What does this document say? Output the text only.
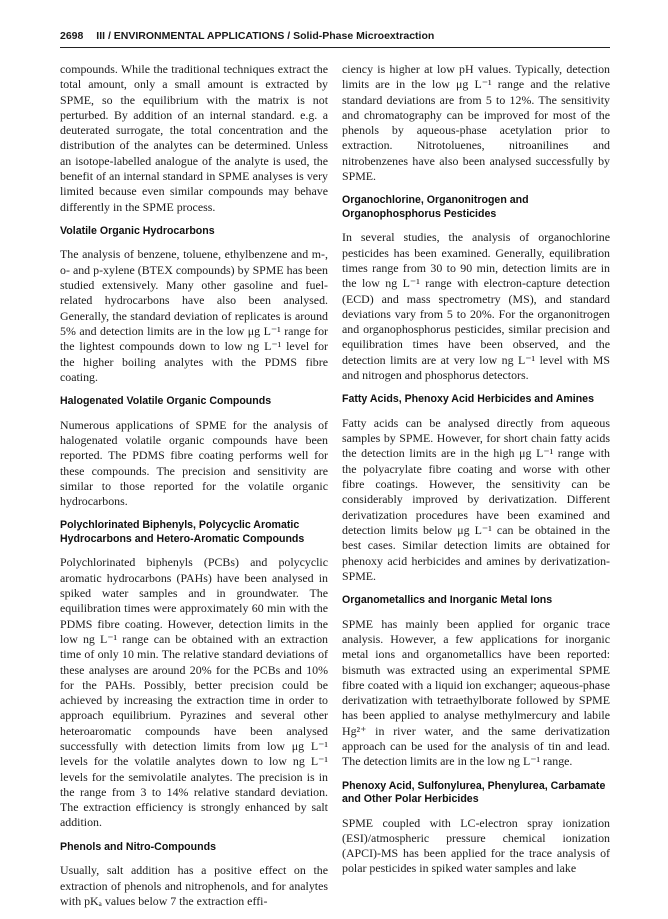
2698 III / ENVIRONMENTAL APPLICATIONS / Solid-Phase Microextraction

compounds. While the traditional techniques extract the total amount, only a small amount is extracted by SPME, so the equilibrium with the matrix is not perturbed. By addition of an internal standard. e.g. a deuterated surrogate, the total concentration and the distribution of the analytes can be determined. Unless an isotope-labelled analogue of the analyte is used, the benefit of an internal standard in SPME analyses is very limited because even similar compounds may behave differently in the SPME process.

Volatile Organic Hydrocarbons

The analysis of benzene, toluene, ethylbenzene and m-, o- and p-xylene (BTEX compounds) by SPME has been studied extensively. Many other gasoline and fuel-related hydrocarbons have also been analysed. Generally, the standard deviation of replicates is around 5% and detection limits are in the low μg L⁻¹ range for the lightest compounds down to low ng L⁻¹ level for the higher boiling analytes with the PDMS fibre coating.

Halogenated Volatile Organic Compounds

Numerous applications of SPME for the analysis of halogenated volatile organic compounds have been reported. The PDMS fibre coating performs well for these compounds. The precision and sensitivity are similar to those reported for the volatile organic hydrocarbons.

Polychlorinated Biphenyls, Polycyclic Aromatic Hydrocarbons and Hetero-Aromatic Compounds

Polychlorinated biphenyls (PCBs) and polycyclic aromatic hydrocarbons (PAHs) have been analysed in spiked water samples and in groundwater. The equilibration times were approximately 60 min with the PDMS fibre coating. However, detection limits in the low ng L⁻¹ range can be obtained with an extraction time of only 10 min. The relative standard deviations of these analyses are around 20% for the PCBs and 10% for the PAHs. Possibly, better precision could be achieved by increasing the extraction time in order to approach equilibrium. Pyrazines and several other heteroaromatic compounds have been analysed successfully with detection limits from low μg L⁻¹ levels for the volatile analytes down to low ng L⁻¹ levels for the semivolatile analytes. The precision is in the range from 3 to 14% relative standard deviation. The extraction efficiency is strongly enhanced by salt addition.

Phenols and Nitro-Compounds

Usually, salt addition has a positive effect on the extraction of phenols and nitrophenols, and for analytes with pKₐ values below 7 the extraction effi-

ciency is higher at low pH values. Typically, detection limits are in the low μg L⁻¹ range and the relative standard deviations are from 5 to 12%. The sensitivity and chromatography can be improved for most of the phenols by aqueous-phase acetylation prior to extraction. Nitrotoluenes, nitroanilines and nitrobenzenes have also been analysed successfully by SPME.

Organochlorine, Organonitrogen and Organophosphorus Pesticides

In several studies, the analysis of organochlorine pesticides has been examined. Generally, equilibration times range from 30 to 90 min, detection limits are in the low ng L⁻¹ range with electron-capture detection (ECD) and mass spectrometry (MS), and standard deviations vary from 5 to 20%. For the organonitrogen and organophosphorus pesticides, similar precision and equilibration times have been observed, and the detection limits are at very low ng L⁻¹ level with MS and nitrogen and phosphorus detectors.

Fatty Acids, Phenoxy Acid Herbicides and Amines

Fatty acids can be analysed directly from aqueous samples by SPME. However, for short chain fatty acids the detection limits are in the high μg L⁻¹ range with the polyacrylate fibre coating and worse with other fibre coatings. However, the sensitivity can be considerably improved by derivatization. Different derivatization procedures have been examined and detection limits below μg L⁻¹ can be obtained in the best cases. Similar detection limits are obtained for phenoxy acid herbicides and amines by derivatization-SPME.

Organometallics and Inorganic Metal Ions

SPME has mainly been applied for organic trace analysis. However, a few applications for inorganic metal ions and organometallics have been reported: bismuth was extracted using an experimental SPME fibre coated with a liquid ion exchanger; aqueous-phase derivatization with tetraethylborate followed by SPME has been applied to analyse methylmercury and labile Hg²⁺ in river water, and the same derivatization approach can be used for the analysis of tin and lead. The detection limits are in the low ng L⁻¹ range.

Phenoxy Acid, Sulfonylurea, Phenylurea, Carbamate and Other Polar Herbicides

SPME coupled with LC-electron spray ionization (ESI)/atmospheric pressure chemical ionization (APCI)-MS has been applied for the trace analysis of polar pesticides in spiked water samples and lake
